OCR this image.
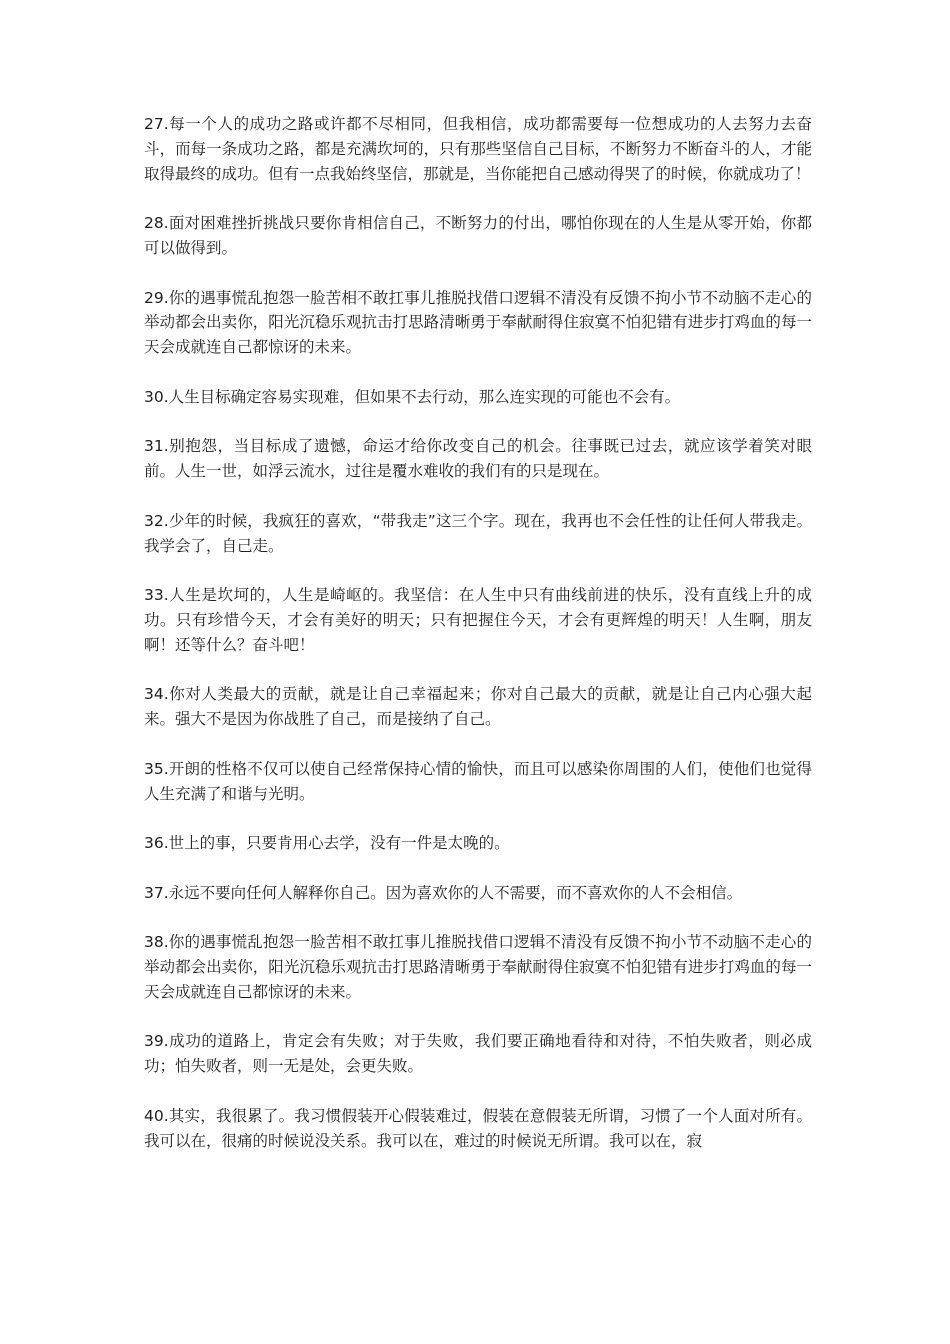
27.每一个人的成功之路或许都不尽相同，但我相信，成功都需要每一位想成功的人去努力去奋斗，而每一条成功之路，都是充满坎坷的，只有那些坚信自己目标，不断努力不断奋斗的人，才能取得最终的成功。但有一点我始终坚信，那就是，当你能把自己感动得哭了的时候，你就成功了！

28.面对困难挫折挑战只要你肯相信自己，不断努力的付出，哪怕你现在的人生是从零开始，你都可以做得到。

29.你的遇事慌乱抱怨一脸苦相不敢扛事儿推脱找借口逻辑不清没有反馈不拘小节不动脑不走心的举动都会出卖你，阳光沉稳乐观抗击打思路清晰勇于奉献耐得住寂寞不怕犯错有进步打鸡血的每一天会成就连自己都惊讶的未来。

30.人生目标确定容易实现难，但如果不去行动，那么连实现的可能也不会有。

31.别抱怨，当目标成了遗憾，命运才给你改变自己的机会。往事既已过去，就应该学着笑对眼前。人生一世，如浮云流水，过往是覆水难收的我们有的只是现在。

32.少年的时候，我疯狂的喜欢，“带我走”这三个字。现在，我再也不会任性的让任何人带我走。我学会了，自己走。

33.人生是坎坷的，人生是崎岖的。我坚信：在人生中只有曲线前进的快乐，没有直线上升的成功。只有珍惜今天，才会有美好的明天；只有把握住今天，才会有更辉煌的明天！人生啊，朋友啊！还等什么？奋斗吧！

34.你对人类最大的贡献，就是让自己幸福起来；你对自己最大的贡献，就是让自己内心强大起来。强大不是因为你战胜了自己，而是接纳了自己。

35.开朗的性格不仅可以使自己经常保持心情的愉快，而且可以感染你周围的人们，使他们也觉得人生充满了和谐与光明。

36.世上的事，只要肯用心去学，没有一件是太晚的。

37.永远不要向任何人解释你自己。因为喜欢你的人不需要，而不喜欢你的人不会相信。

38.你的遇事慌乱抱怨一脸苦相不敢扛事儿推脱找借口逻辑不清没有反馈不拘小节不动脑不走心的举动都会出卖你，阳光沉稳乐观抗击打思路清晰勇于奉献耐得住寂寞不怕犯错有进步打鸡血的每一天会成就连自己都惊讶的未来。

39.成功的道路上，肯定会有失败；对于失败，我们要正确地看待和对待，不怕失败者，则必成功；怕失败者，则一无是处，会更失败。

40.其实，我很累了。我习惯假装开心假装难过，假装在意假装无所谓，习惯了一个人面对所有。我可以在，很痛的时候说没关系。我可以在，难过的时候说无所谓。我可以在，寂
